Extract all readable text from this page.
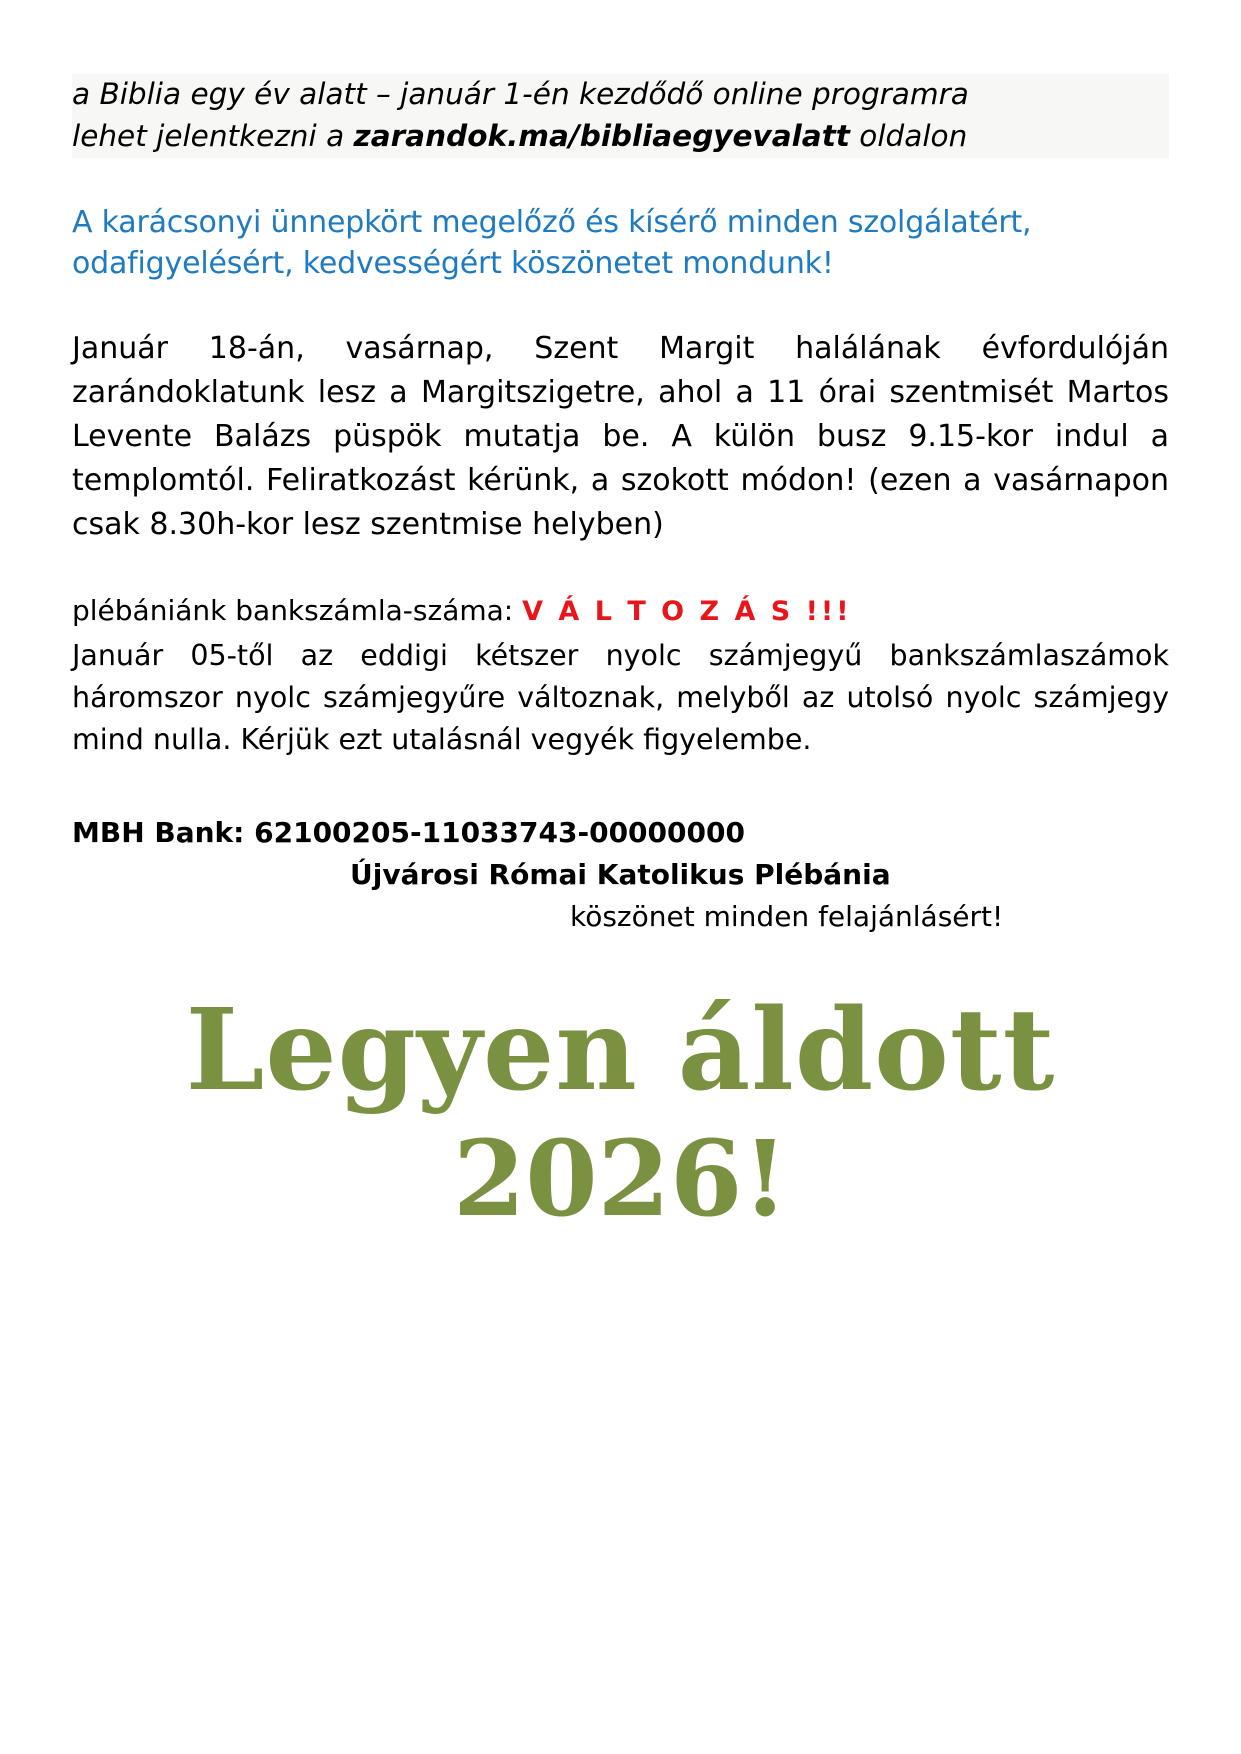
a Biblia egy év alatt – január 1-én kezdődő online programra
lehet jelentkezni a zarandok.ma/bibliaegyevalatt oldalon
A karácsonyi ünnepkört megelőző és kísérő minden szolgálatért, odafigyelésért, kedvességért köszönetet mondunk!
Január 18-án, vasárnap, Szent Margit halálának évfordulóján zarándoklatunk lesz a Margitszigetre, ahol a 11 órai szentmisét Martos Levente Balázs püspök mutatja be. A külön busz 9.15-kor indul a templomtól. Feliratkozást kérünk, a szokott módon! (ezen a vasárnapon csak 8.30h-kor lesz szentmise helyben)
plébániánk bankszámla-száma: V Á L T O Z Á S !!!
Január 05-től az eddigi kétszer nyolc számjegyű bankszámlaszámok háromszor nyolc számjegyűre változnak, melyből az utolsó nyolc számjegy mind nulla. Kérjük ezt utalásnál vegyék figyelembe.
MBH Bank: 62100205-11033743-00000000
Újvárosi Római Katolikus Plébánia
köszönet minden felajánlásért!
Legyen áldott
2026!
